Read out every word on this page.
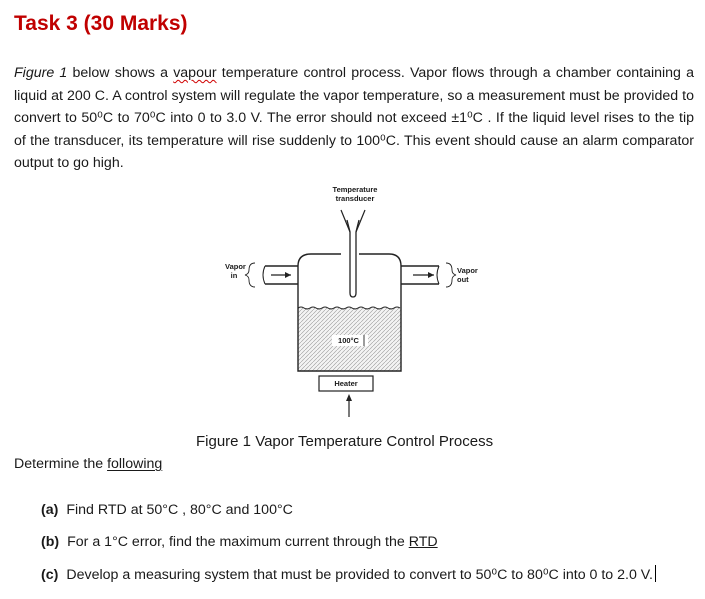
Task 3 (30 Marks)

Figure 1 below shows a vapour temperature control process. Vapor flows through a chamber containing a liquid at 200 C. A control system will regulate the vapor temperature, so a measurement must be provided to convert to 50⁰C to 70⁰C into 0 to 3.0 V. The error should not exceed ±1⁰C . If the liquid level rises to the tip of the transducer, its temperature will rise suddenly to 100⁰C. This event should cause an alarm comparator output to go high.

Temperature
transducer
Vapor
in	Vapor
out
100°C
Heater

Figure 1 Vapor Temperature Control Process

Determine the following

(a) Find RTD at 50°C , 80°C and 100°C

(b) For a 1°C error, find the maximum current through the RTD

(c) Develop a measuring system that must be provided to convert to 50⁰C to 80⁰C into 0 to 2.0 V.
